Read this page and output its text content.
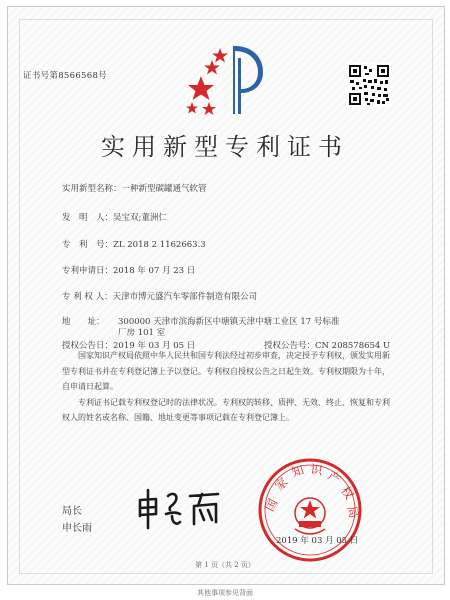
证书号第8566568号
实用新型专利证书
实用新型名称：一种新型碳罐通气软管
发　明　人：吴宝双;董洲仁
专　利　号：ZL 2018 2 1162663.3
专利申请日：2018 年 07 月 23 日
专 利 权 人：天津市博元盛汽车零部件制造有限公司
地　　址： 300000 天津市滨海新区中塘镇天津中塘工业区 17 号标准
厂房 101 室
授权公告日：2019 年 03 月 05 日	授权公告号：CN 208578654 U

国家知识产权局依照中华人民共和国专利法经过初步审查，决定授予专利权，颁发实用新型专利证书并在专利登记簿上予以登记。专利权自授权公告之日起生效。专利权期限为十年，自申请日起算。

专利证书记载专利权登记时的法律状况。专利权的转移、质押、无效、终止、恢复和专利权人的姓名或名称、国籍、地址变更等事项记载在专利登记簿上。

局长
申长雨
国
家
知 识 产
权
局
2019 年 03 月 05 日
第 1 页（共 2 页）
其他事项参见背面
